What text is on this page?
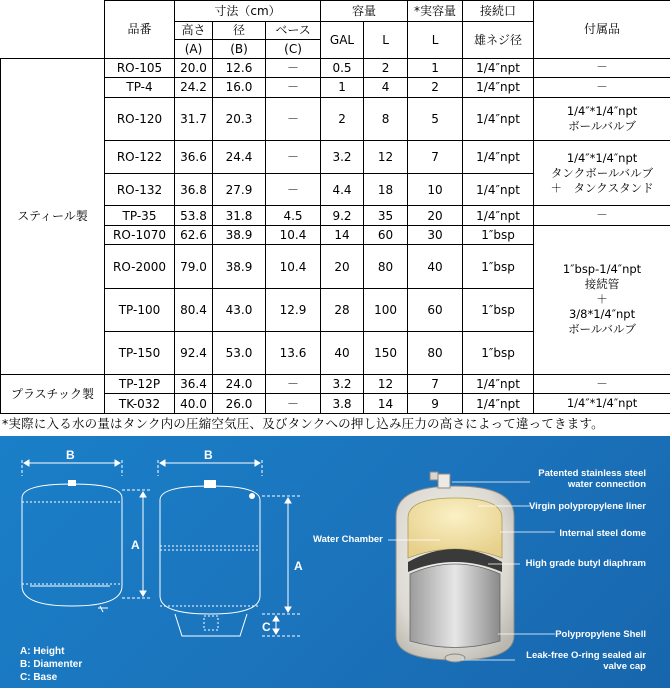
	品番	寸法（cm）			容量		*実容量	接続口	付属品
		高さ	径	ベース	GAL	L	L	雄ネジ径	
		(A)	(B)	(C)					
スティール製	RO-105	20.0	12.6	－	0.5	2	1	1/4″npt	－
	TP-4	24.2	16.0	－	1	4	2	1/4″npt	－
	RO-120	31.7	20.3	－	2	8	5	1/4″npt	1/4″*1/4″npt
ボールバルブ
	RO-122	36.6	24.4	－	3.2	12	7	1/4″npt	1/4″*1/4″npt
タンクボールバルブ
＋　タンクスタンド
	RO-132	36.8	27.9	－	4.4	18	10	1/4″npt	
	TP-35	53.8	31.8	4.5	9.2	35	20	1/4″npt	－
	RO-1070	62.6	38.9	10.4	14	60	30	1″bsp	1″bsp-1/4″npt
接続管
＋
3/8*1/4″npt
ボールバルブ
	RO-2000	79.0	38.9	10.4	20	80	40	1″bsp	
	TP-100	80.4	43.0	12.9	28	100	60	1″bsp	
	TP-150	92.4	53.0	13.6	40	150	80	1″bsp	
プラスチック製	TP-12P	36.4	24.0	－	3.2	12	7	1/4″npt	－
	TK-032	40.0	26.0	－	3.8	14	9	1/4″npt	1/4″*1/4″npt
*実際に入る水の量はタンク内の圧縮空気圧、及びタンクへの押し込み圧力の高さによって違ってきます。
B
A
B
A
C
A: Height
B: Diamenter
C: Base
Water Chamber
Patented stainless steel
water connection
Virgin polypropylene liner
Internal steel dome
High grade butyl diaphram
Polypropylene Shell
Leak-free O-ring sealed air
valve cap
